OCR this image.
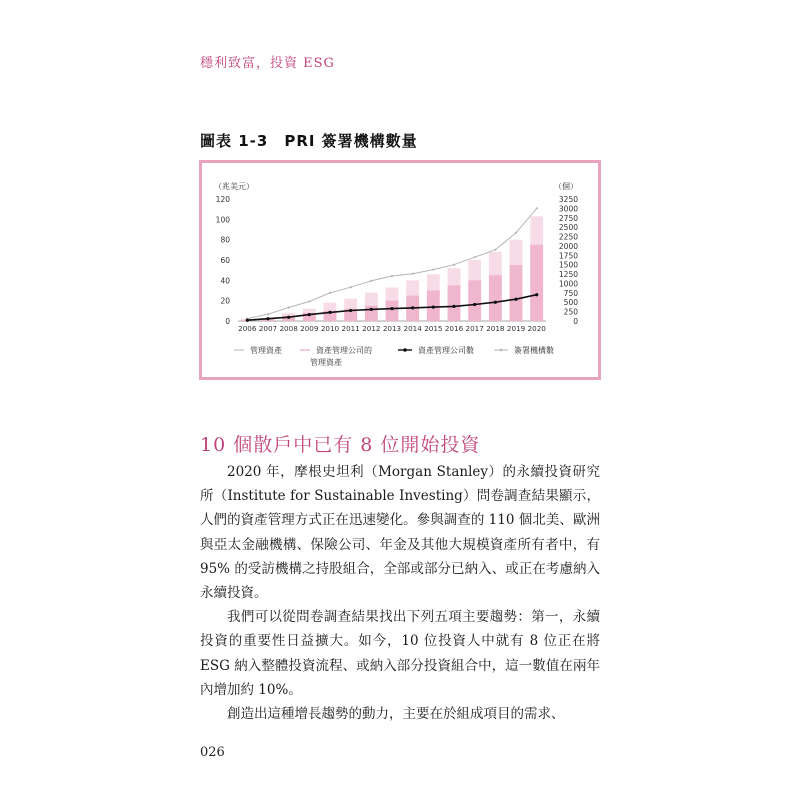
穩利致富，投資 ESG
圖表 1-3　PRI 簽署機構數量
（兆美元）	（個）
0
20
40
60
80
100
120
0
250
500
750
1000
1250
1500
1750
2000
2250
2500
2750
3000
3250
2006 2007 2008 2009 2010 2011 2012 2013 2014 2015 2016 2017 2018 2019 2020
管理資產	資產管理公司的
管理資產
資產管理公司數	簽署機構數
10 個散戶中已有 8 位開始投資

2020 年，摩根史坦利（Morgan Stanley）的永續投資研究所（Institute for Sustainable Investing）問卷調查結果顯示，人們的資產管理方式正在迅速變化。參與調查的 110 個北美、歐洲與亞太金融機構、保險公司、年金及其他大規模資產所有者中，有 95% 的受訪機構之持股組合，全部或部分已納入、或正在考慮納入永續投資。

我們可以從問卷調查結果找出下列五項主要趨勢：第一，永續投資的重要性日益擴大。如今，10 位投資人中就有 8 位正在將 ESG 納入整體投資流程、或納入部分投資組合中，這一數值在兩年內增加約 10%。

創造出這種增長趨勢的動力，主要在於組成項目的需求、

026
